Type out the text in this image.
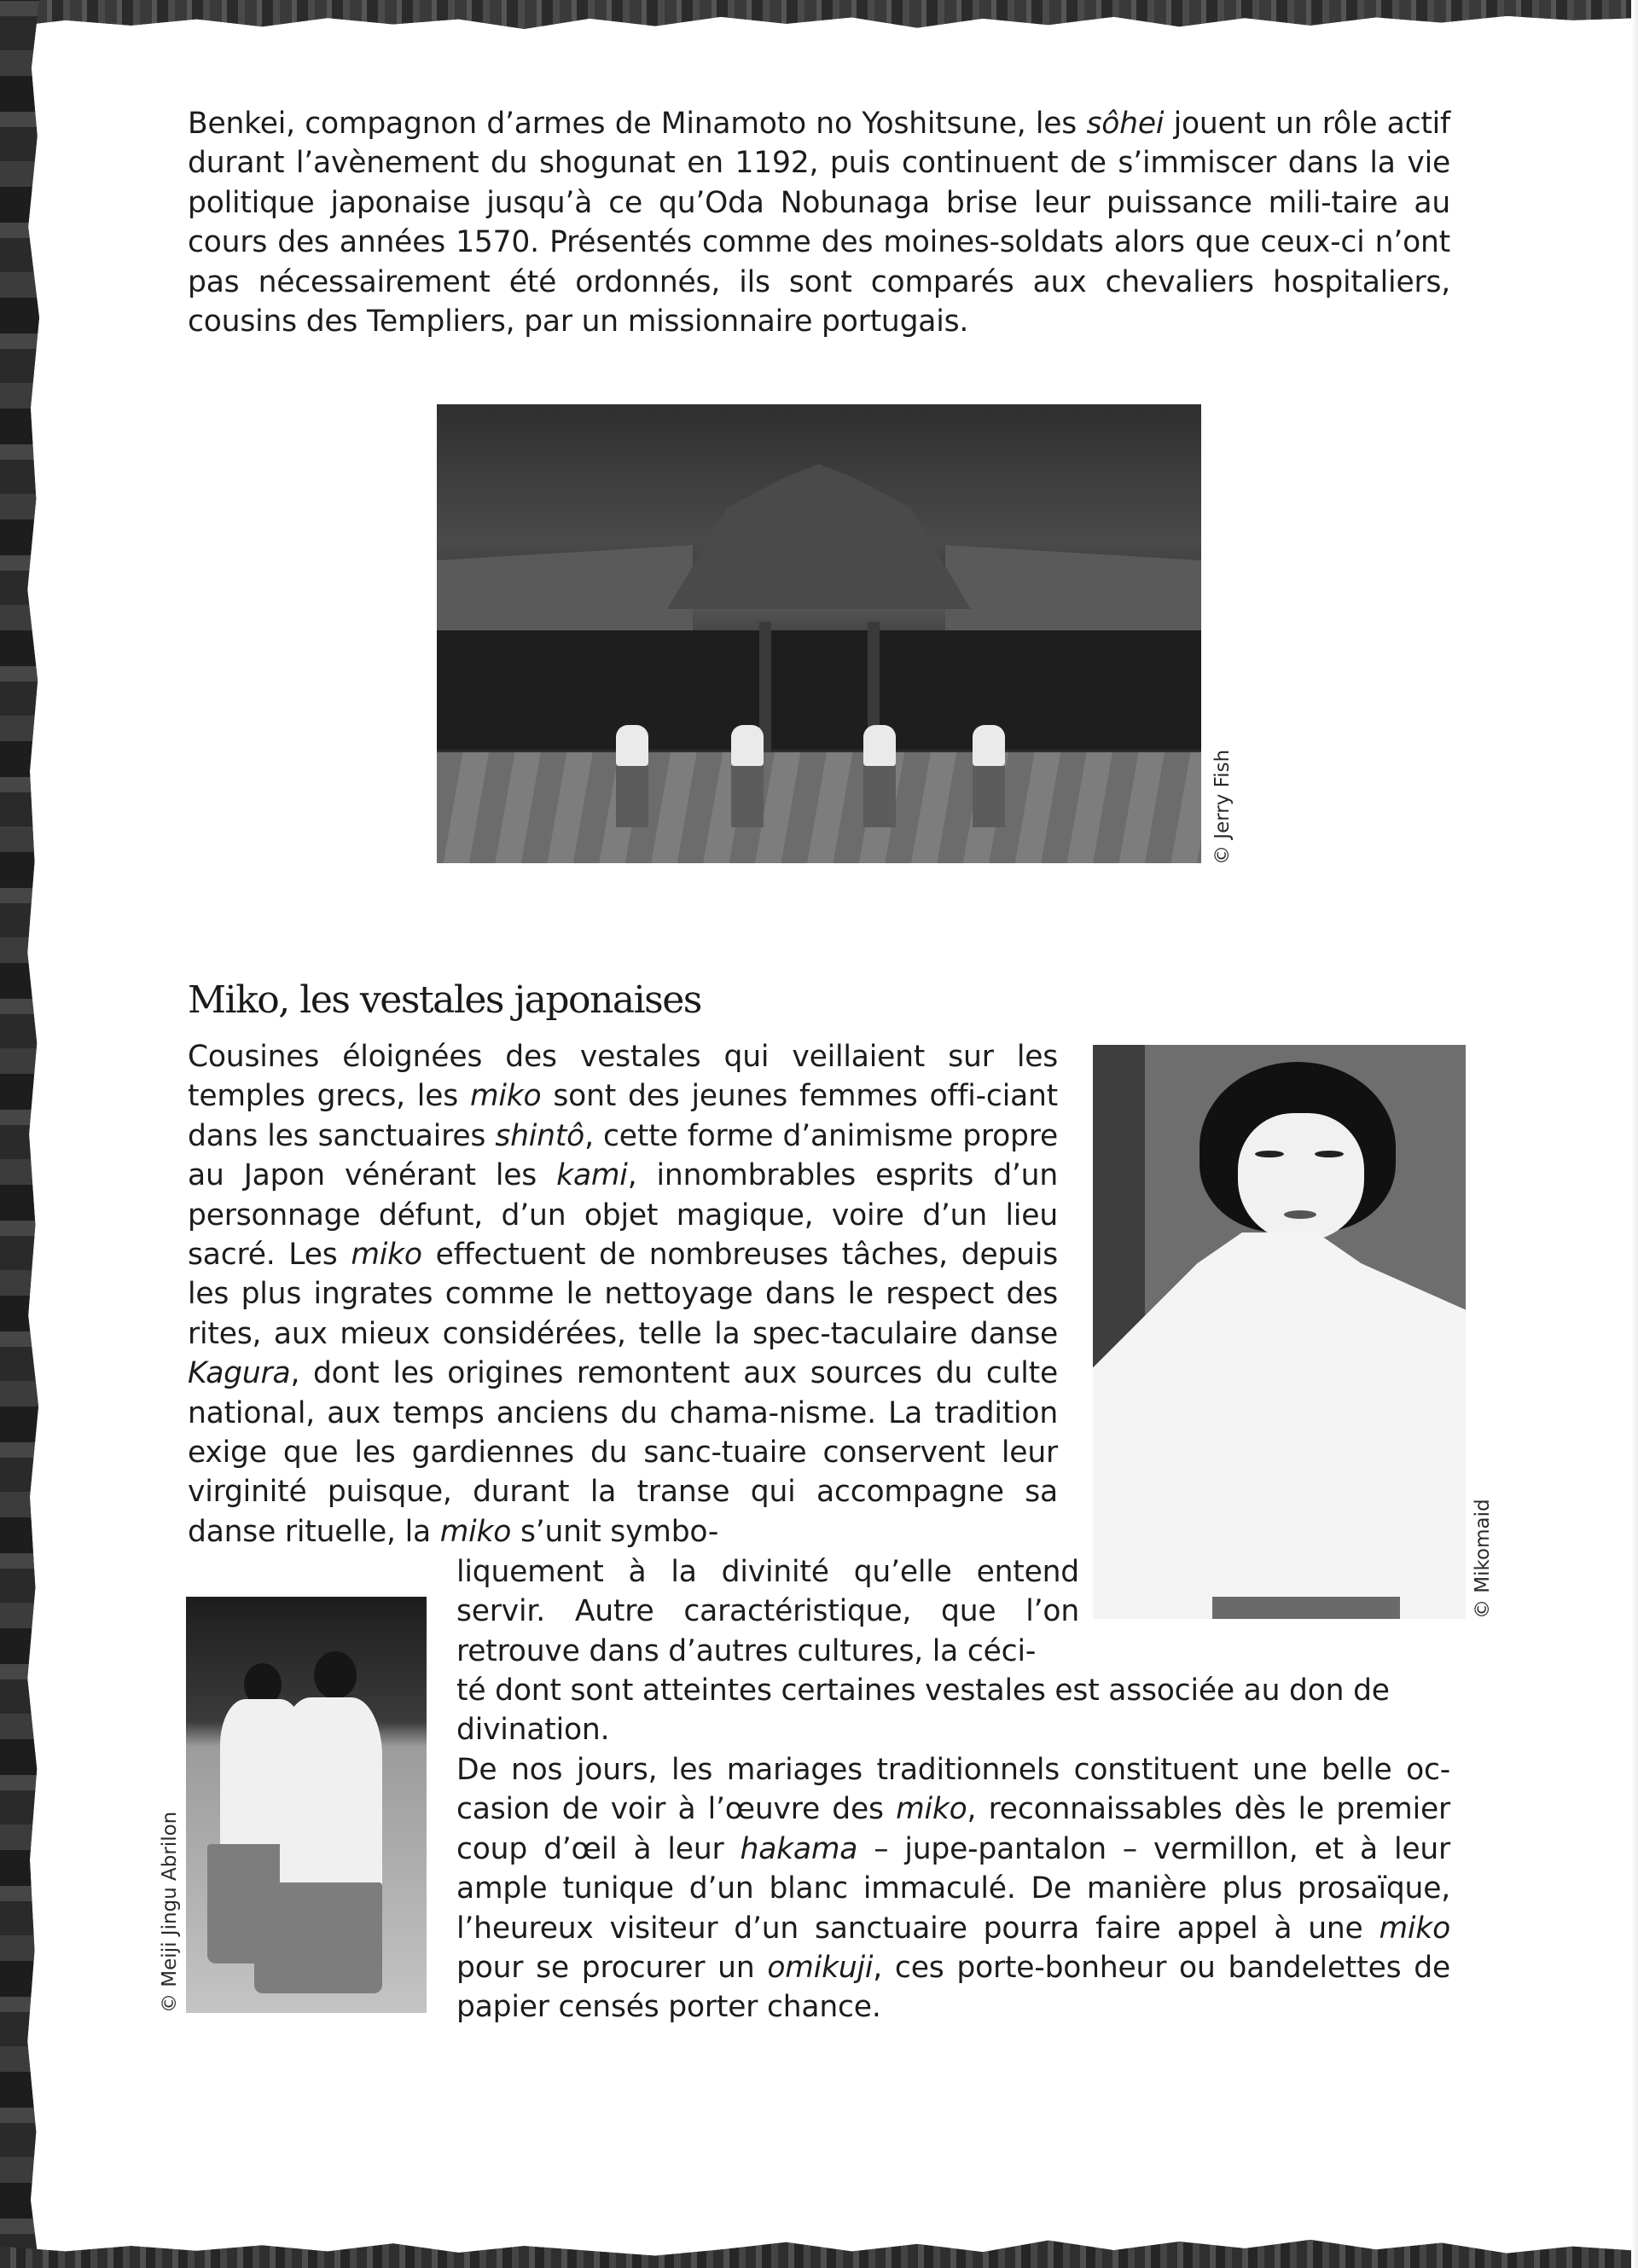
Benkei, compagnon d’armes de Minamoto no Yoshitsune, les sôhei jouent un rôle actif durant l’avènement du shogunat en 1192, puis continuent de s’immiscer dans la vie politique japonaise jusqu’à ce qu’Oda Nobunaga brise leur puissance mili-taire au cours des années 1570. Présentés comme des moines-soldats alors que ceux-ci n’ont pas nécessairement été ordonnés, ils sont comparés aux chevaliers hospitaliers, cousins des Templiers, par un missionnaire portugais.

© Jerry Fish
Miko, les vestales japonaises
© Mikomaid

Cousines éloignées des vestales qui veillaient sur les temples grecs, les miko sont des jeunes femmes offi-ciant dans les sanctuaires shintô, cette forme d’animisme propre au Japon vénérant les kami, innombrables esprits d’un personnage défunt, d’un objet magique, voire d’un lieu sacré. Les miko effectuent de nombreuses tâches, depuis les plus ingrates comme le nettoyage dans le respect des rites, aux mieux considérées, telle la spec-taculaire danse Kagura, dont les origines remontent aux sources du culte national, aux temps anciens du chama-nisme. La tradition exige que les gardiennes du sanc-tuaire conservent leur virginité puisque, durant la transe qui accompagne sa danse rituelle, la miko s’unit symbo-

liquement à la divinité qu’elle entend servir. Autre caractéristique, que l’on retrouve dans d’autres cultures, la céci-

té dont sont atteintes certaines vestales est associée au don de divination.

© Meiji Jingu Abrilon

De nos jours, les mariages traditionnels constituent une belle oc-casion de voir à l’œuvre des miko, reconnaissables dès le premier coup d’œil à leur hakama – jupe-pantalon – vermillon, et à leur ample tunique d’un blanc immaculé. De manière plus prosaïque, l’heureux visiteur d’un sanctuaire pourra faire appel à une miko pour se procurer un omikuji, ces porte-bonheur ou bandelettes de papier censés porter chance.
